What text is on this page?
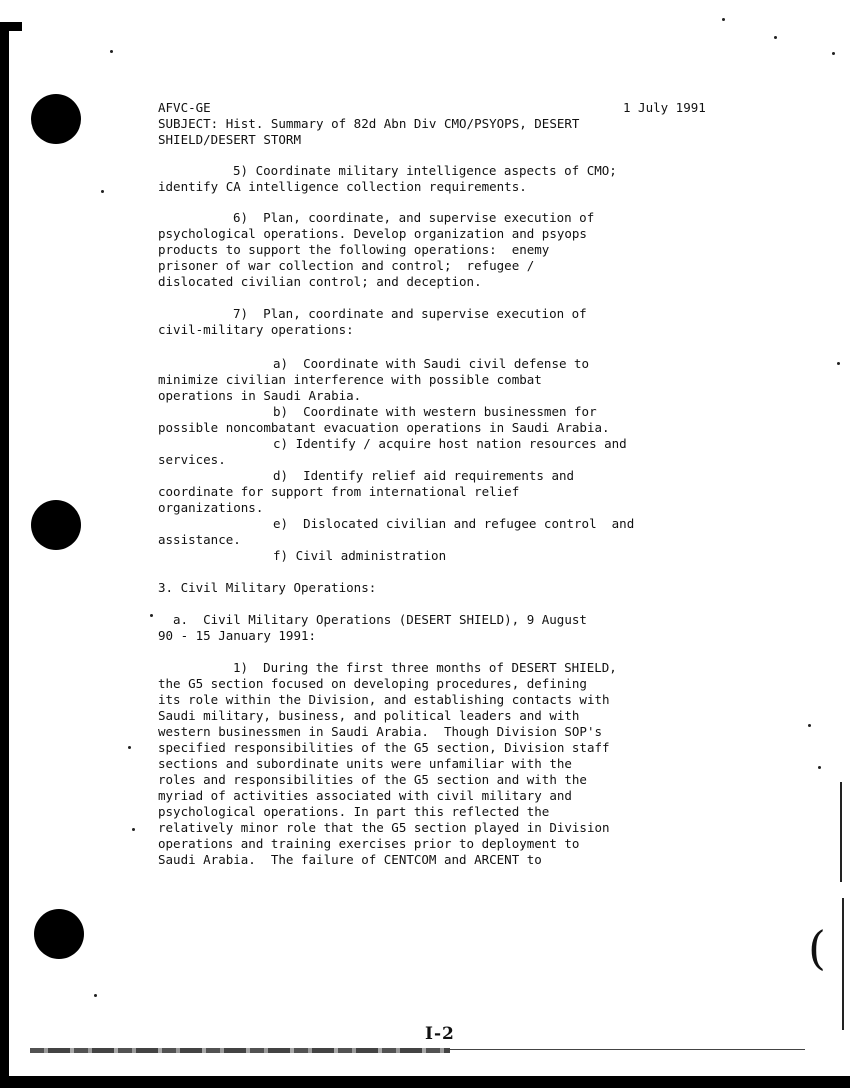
(
AFVC-GE	1 July 1991
SUBJECT: Hist. Summary of 82d Abn Div CMO/PSYOPS, DESERT
SHIELD/DESERT STORM
5) Coordinate military intelligence aspects of CMO;
identify CA intelligence collection requirements.
6)  Plan, coordinate, and supervise execution of
psychological operations. Develop organization and psyops
products to support the following operations:  enemy
prisoner of war collection and control;  refugee /
dislocated civilian control; and deception.
7)  Plan, coordinate and supervise execution of
civil-military operations:
a)  Coordinate with Saudi civil defense to
minimize civilian interference with possible combat
operations in Saudi Arabia.
b)  Coordinate with western businessmen for
possible noncombatant evacuation operations in Saudi Arabia.
c) Identify / acquire host nation resources and
services.
d)  Identify relief aid requirements and
coordinate for support from international relief
organizations.
e)  Dislocated civilian and refugee control  and
assistance.
f) Civil administration
3. Civil Military Operations:
a.  Civil Military Operations (DESERT SHIELD), 9 August
90 - 15 January 1991:
1)  During the first three months of DESERT SHIELD,
the G5 section focused on developing procedures, defining
its role within the Division, and establishing contacts with
Saudi military, business, and political leaders and with
western businessmen in Saudi Arabia.  Though Division SOP's
specified responsibilities of the G5 section, Division staff
sections and subordinate units were unfamiliar with the
roles and responsibilities of the G5 section and with the
myriad of activities associated with civil military and
psychological operations. In part this reflected the
relatively minor role that the G5 section played in Division
operations and training exercises prior to deployment to
Saudi Arabia.  The failure of CENTCOM and ARCENT to
I-2
